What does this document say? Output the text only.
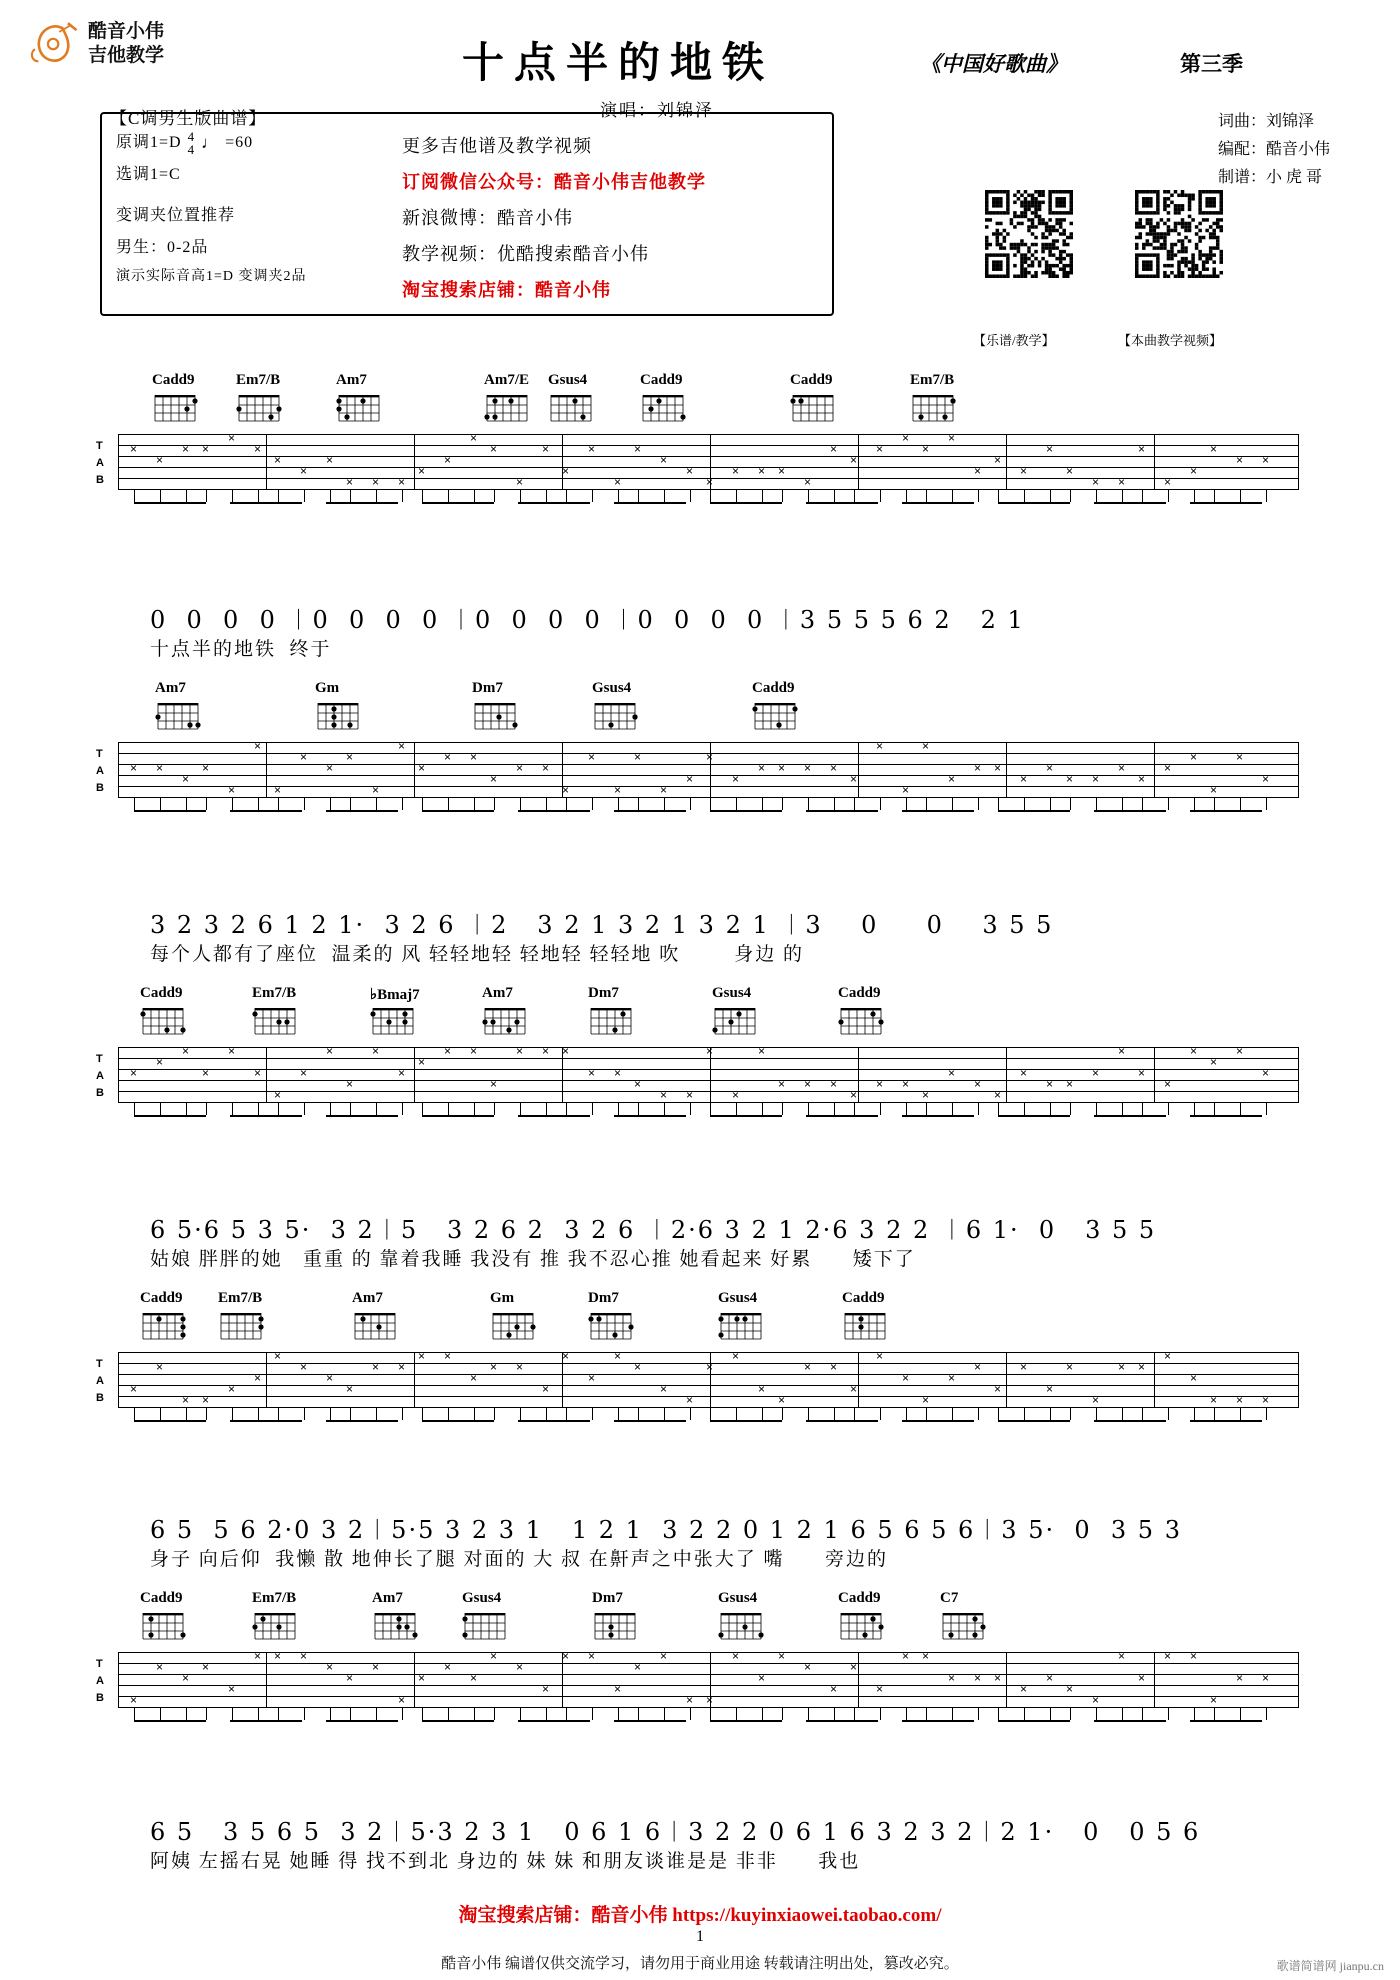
酷音小伟
吉他教学	十点半的地铁	《中国好歌曲》	第三季
演唱：刘锦泽
【C调男生版曲谱】	词曲：刘锦泽
编配：酷音小伟
制谱：小 虎 哥
原调1=D 4
4 ♩ =60
选调1=C
变调夹位置推荐
男生：0-2品
演示实际音高1=D 变调夹2品
更多吉他谱及教学视频
订阅微信公众号：酷音小伟吉他教学
新浪微博：酷音小伟
教学视频：优酷搜索酷音小伟
淘宝搜索店铺：酷音小伟
【乐谱/教学】	【本曲教学视频】
Cadd9	Em7/B	Am7	Am7/E Gsus4	Cadd9	Cadd9	Em7/B
T
A
B
×
×
× ×
×
×
×
×
×
× × ×
×
×
×
×
×
×
×
×
×
×
×
×
×
× × ×
×
×
×
×
×
×
×
×
×
×
×
×
× ×
×
×
×
×
× ×
Am7	Gm	Dm7	Gsus4	Cadd9
T
A
B
× ×
×
×
×
×
×
×
×
×
×
×
×
× ×
×
× ×
×
×
×
×
×
×
×
×
× × × ×
×
×
×
×
×
× ×
×
×
× ×
×
×
×
×
×
×
×
Cadd9	Em7/B	♭Bmaj7	Am7	Dm7	Gsus4	Cadd9
T
A
B
×
×
×
×
×
×
×
×
×
×
×
×
×
× ×
×
× × ×
× ×
×
× ×
×
×
×
× × ×
×
× ×
×
×
×
×
×
× ×
×
×
×
×
×
×
×
×
Cadd9 Em7/B	Am7	Gm	Dm7	Gsus4	Cadd9
T
A
B
×
×
× ×
×
×
×
×
×
×
× ×
× ×
×
× ×
×
×
×
×
×
×
×
×
×
×
×
× ×
×
×
×
×
×
×
×
×
×
×
×
× ×
×
×
× × ×
Cadd9	Em7/B	Am7	Gsus4	Dm7	Gsus4	Cadd9	C7
T
A
B ×
×
×
×
×
× × ×
×
×
×
×
×
×
×
×
×
×
× ×
×
×
×
× ×
×
×
×
×
×
×
×
× ×
× × ×
×
×
×
×
×
×
× ×
×
× ×
0  0  0  0 ︱0  0  0  0 ︱0  0  0  0 ︱0  0  0  0 ︱3 5 5 5 6 2   2 1
十点半的地铁  终于
3 2 3 2 6 1 2 1·  3 2 6 ︱2   3 2 1 3 2 1 3 2 1 ︱3    0     0    3 5 5
每个人都有了座位  温柔的 风 轻轻地轻 轻地轻 轻轻地 吹        身边 的
6 5·6 5 3 5·  3 2︱5   3 2 6 2  3 2 6 ︱2·6 3 2 1 2·6 3 2 2 ︱6 1·  0   3 5 5
姑娘 胖胖的她   重重 的 靠着我睡 我没有 推 我不忍心推 她看起来 好累      矮下了
6 5  5 6 2·0 3 2︱5·5 3 2 3 1   1 2 1  3 2 2 0 1 2 1 6 5 6 5 6︱3 5·  0  3 5 3
身子 向后仰  我懒 散 地伸长了腿 对面的 大 叔 在鼾声之中张大了 嘴      旁边的
6 5   3 5 6 5  3 2︱5·3 2 3 1   0 6 1 6︱3 2 2 0 6 1 6 3 2 3 2︱2 1·   0   0 5 6
阿姨 左摇右晃 她睡 得 找不到北 身边的 妹 妹 和朋友谈谁是是 非非      我也
淘宝搜索店铺：酷音小伟 https://kuyinxiaowei.taobao.com/
1
酷音小伟 编谱仅供交流学习，请勿用于商业用途 转载请注明出处，篡改必究。	歌谱简谱网 jianpu.cn
